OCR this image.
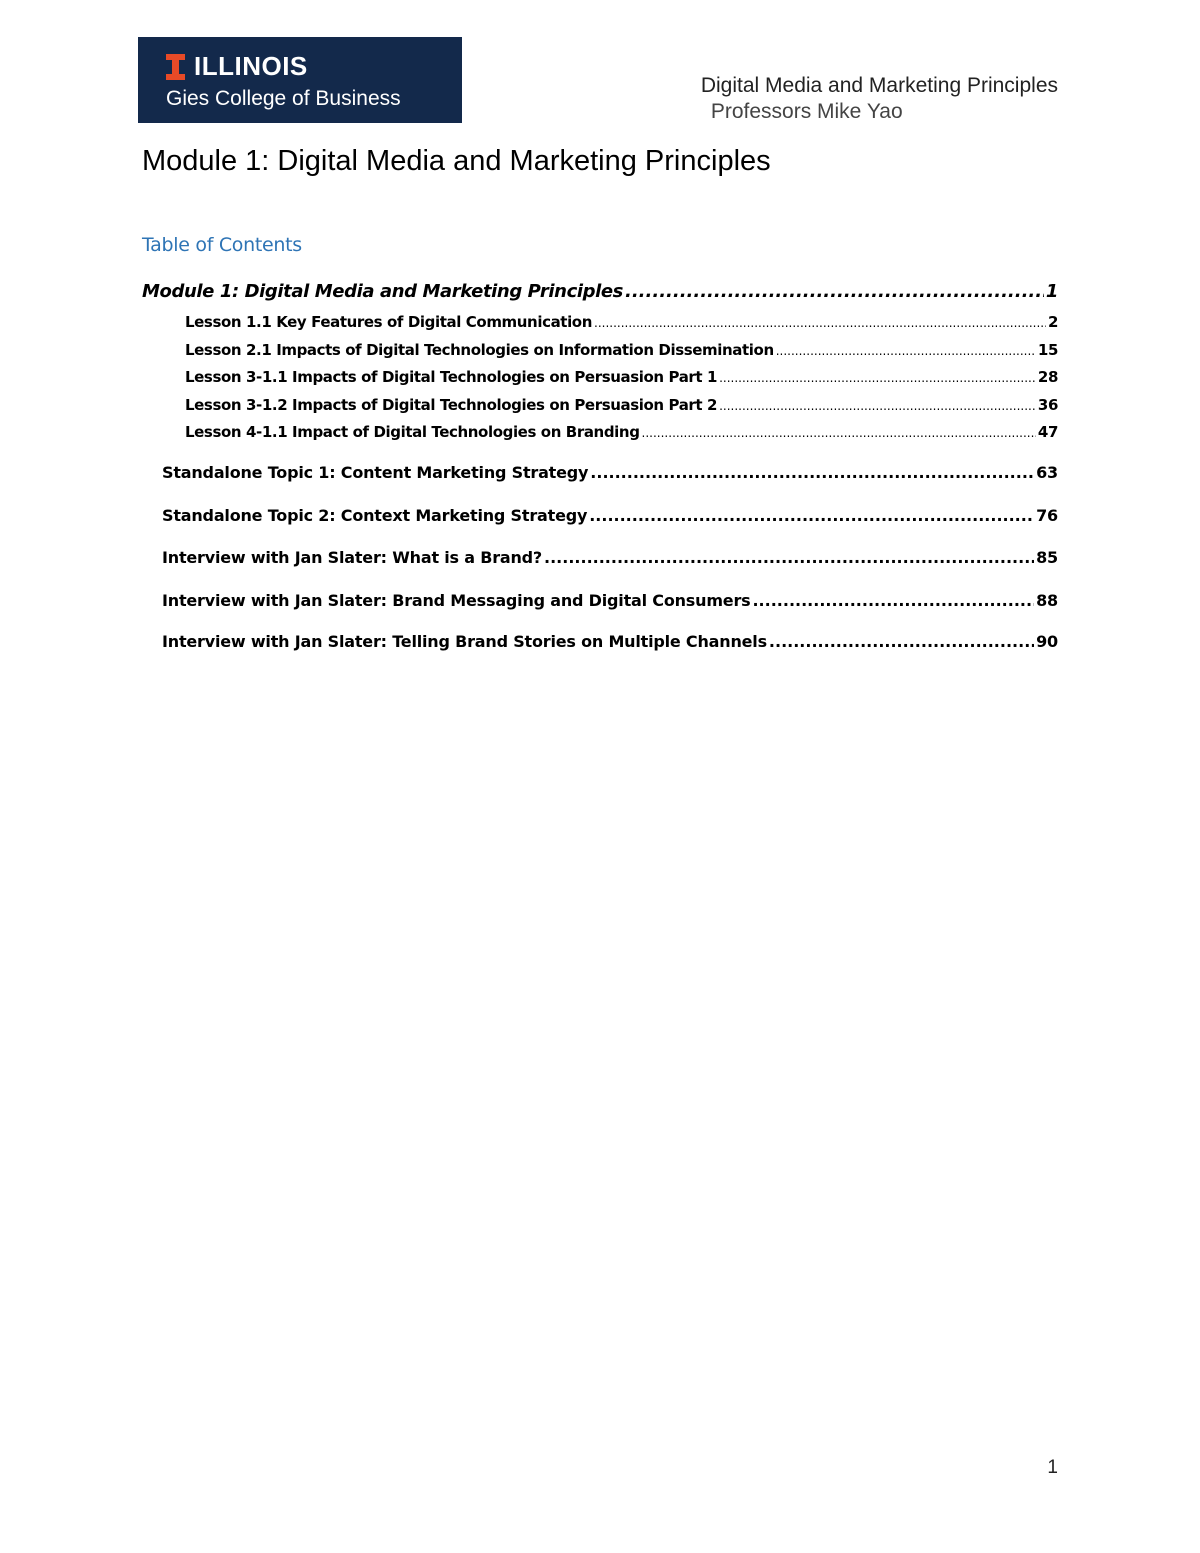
ILLINOIS
Gies College of Business
Digital Media and Marketing Principles
Professors Mike Yao
Module 1: Digital Media and Marketing Principles
Table of Contents
Module 1: Digital Media and Marketing Principles .....	1
Lesson 1.1 Key Features of Digital Communication .....	2
Lesson 2.1 Impacts of Digital Technologies on Information Dissemination .....	15
Lesson 3-1.1 Impacts of Digital Technologies on Persuasion Part 1 .....	28
Lesson 3-1.2 Impacts of Digital Technologies on Persuasion Part 2 .....	36
Lesson 4-1.1 Impact of Digital Technologies on Branding .....	47
Standalone Topic 1: Content Marketing Strategy .....	63
Standalone Topic 2: Context Marketing Strategy .....	76
Interview with Jan Slater: What is a Brand? .....	85
Interview with Jan Slater: Brand Messaging and Digital Consumers .....	88
Interview with Jan Slater: Telling Brand Stories on Multiple Channels .....	90
1
